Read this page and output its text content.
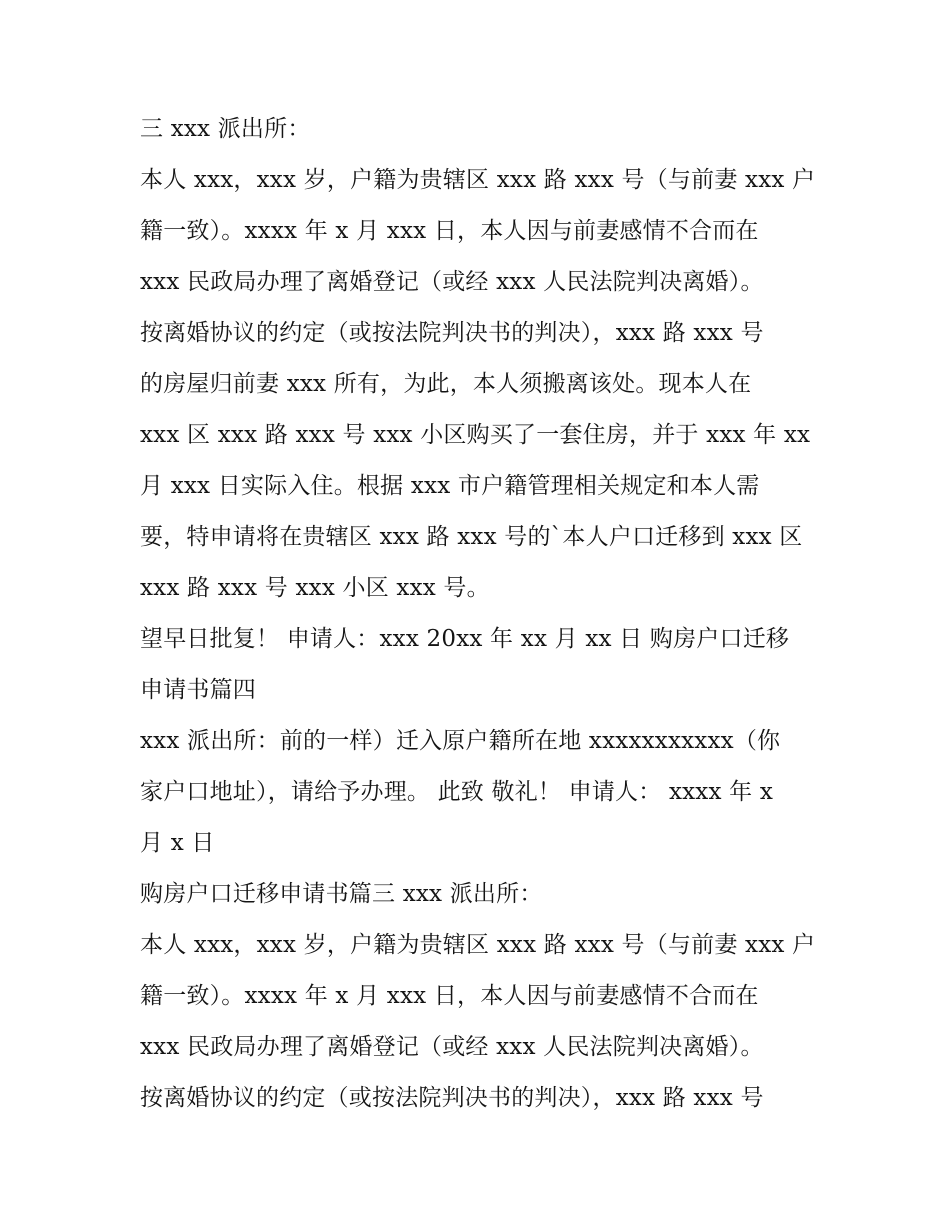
三 xxx 派出所：
本人 xxx，xxx 岁，户籍为贵辖区 xxx 路 xxx 号（与前妻 xxx 户
籍一致）。xxxx 年 x 月 xxx 日，本人因与前妻感情不合而在
xxx 民政局办理了离婚登记（或经 xxx 人民法院判决离婚）。
按离婚协议的约定（或按法院判决书的判决），xxx 路 xxx 号
的房屋归前妻 xxx 所有，为此，本人须搬离该处。现本人在
xxx 区 xxx 路 xxx 号 xxx 小区购买了一套住房，并于 xxx 年 xx
月 xxx 日实际入住。根据 xxx 市户籍管理相关规定和本人需
要，特申请将在贵辖区 xxx 路 xxx 号的`本人户口迁移到 xxx 区
xxx 路 xxx 号 xxx 小区 xxx 号。
望早日批复！ 申请人：xxx 20xx 年 xx 月 xx 日 购房户口迁移
申请书篇四
xxx 派出所：前的一样）迁入原户籍所在地 xxxxxxxxxxx（你
家户口地址），请给予办理。 此致 敬礼！ 申请人： xxxx 年 x
月 x 日
购房户口迁移申请书篇三 xxx 派出所：
本人 xxx，xxx 岁，户籍为贵辖区 xxx 路 xxx 号（与前妻 xxx 户
籍一致）。xxxx 年 x 月 xxx 日，本人因与前妻感情不合而在
xxx 民政局办理了离婚登记（或经 xxx 人民法院判决离婚）。
按离婚协议的约定（或按法院判决书的判决），xxx 路 xxx 号
